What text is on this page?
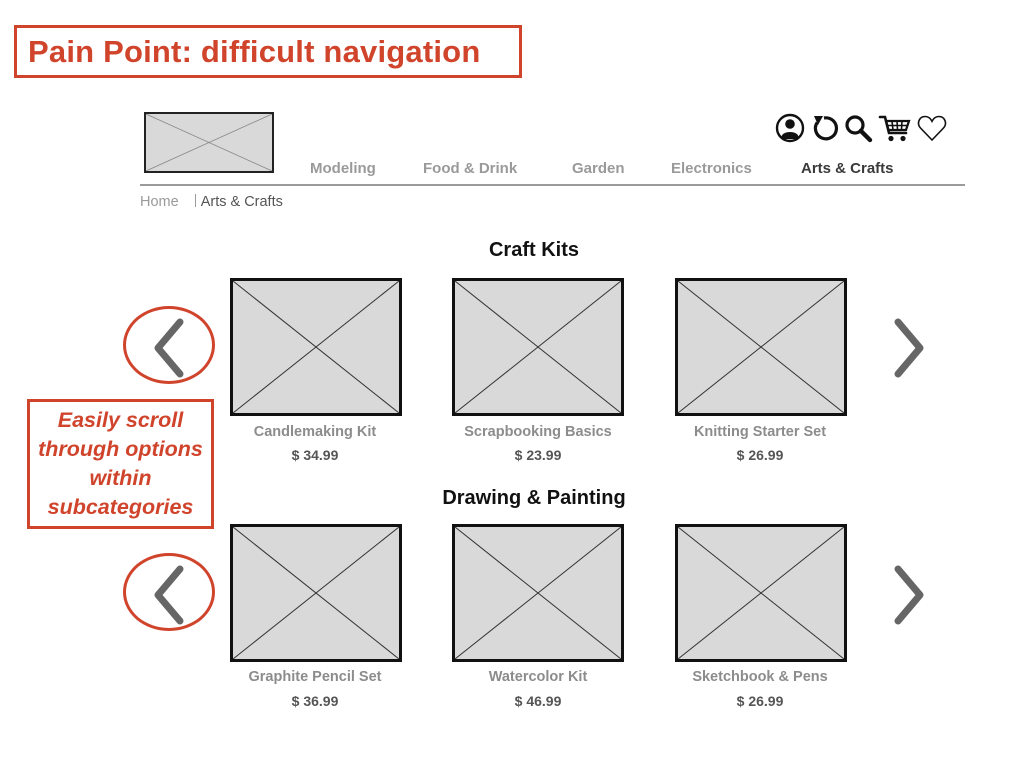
Pain Point: difficult navigation
Modeling	Food & Drink	Garden	Electronics	Arts & Crafts
Home Arts & Crafts
Craft Kits
Candlemaking Kit
$ 34.99
Scrapbooking Basics
$ 23.99
Knitting Starter Set
$ 26.99
Easily scroll through options within subcategories	Drawing & Painting
Graphite Pencil Set
$ 36.99
Watercolor Kit
$ 46.99
Sketchbook & Pens
$ 26.99
